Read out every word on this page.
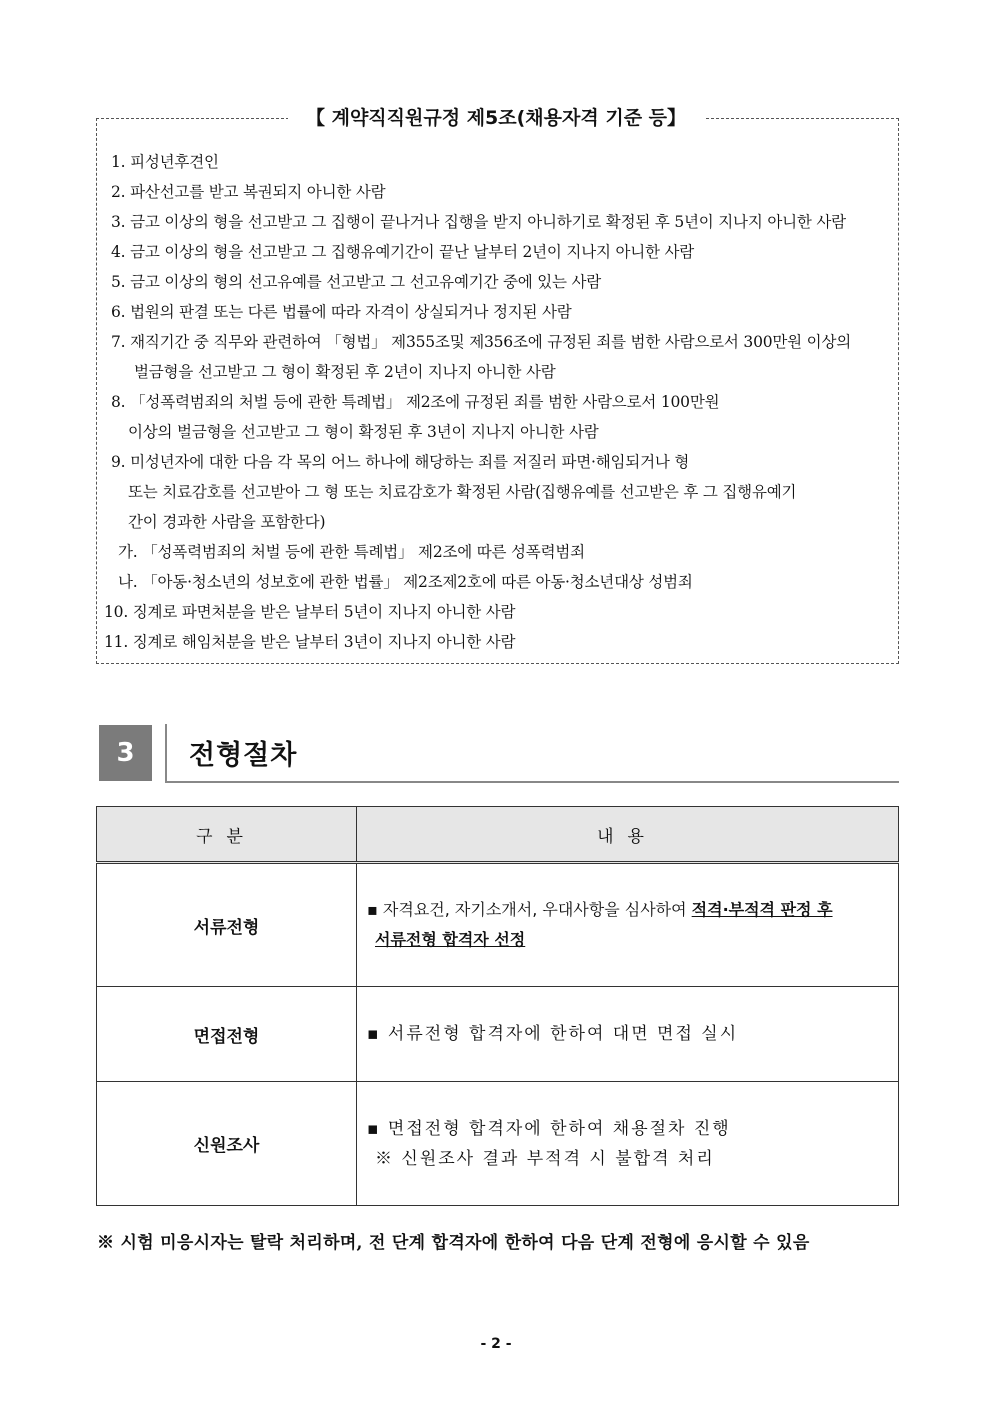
【 계약직직원규정 제5조(채용자격 기준 등】
1. 피성년후견인
2. 파산선고를 받고 복권되지 아니한 사람
3. 금고 이상의 형을 선고받고 그 집행이 끝나거나 집행을 받지 아니하기로 확정된 후 5년이 지나지 아니한 사람
4. 금고 이상의 형을 선고받고 그 집행유예기간이 끝난 날부터 2년이 지나지 아니한 사람
5. 금고 이상의 형의 선고유예를 선고받고 그 선고유예기간 중에 있는 사람
6. 법원의 판결 또는 다른 법률에 따라 자격이 상실되거나 정지된 사람
7. 재직기간 중 직무와 관련하여 「형법」 제355조및 제356조에 규정된 죄를 범한 사람으로서 300만원 이상의
벌금형을 선고받고 그 형이 확정된 후 2년이 지나지 아니한 사람
8. 「성폭력범죄의 처벌 등에 관한 특례법」 제2조에 규정된 죄를 범한 사람으로서 100만원
이상의 벌금형을 선고받고 그 형이 확정된 후 3년이 지나지 아니한 사람
9. 미성년자에 대한 다음 각 목의 어느 하나에 해당하는 죄를 저질러 파면·해임되거나 형
또는 치료감호를 선고받아 그 형 또는 치료감호가 확정된 사람(집행유예를 선고받은 후 그 집행유예기
간이 경과한 사람을 포함한다)
가. 「성폭력범죄의 처벌 등에 관한 특례법」 제2조에 따른 성폭력범죄
나. 「아동·청소년의 성보호에 관한 법률」 제2조제2호에 따른 아동·청소년대상 성범죄
10. 징계로 파면처분을 받은 날부터 5년이 지나지 아니한 사람
11. 징계로 해임처분을 받은 날부터 3년이 지나지 아니한 사람
3	전형절차
구분	내용
서류전형	▪ 자격요건, 자기소개서, 우대사항을 심사하여 적격·부적격 판정 후
서류전형 합격자 선정
면접전형	▪ 서류전형 합격자에 한하여 대면 면접 실시
신원조사	▪ 면접전형 합격자에 한하여 채용절차 진행
※ 신원조사 결과 부적격 시 불합격 처리
※ 시험 미응시자는 탈락 처리하며, 전 단계 합격자에 한하여 다음 단계 전형에 응시할 수 있음
- 2 -
